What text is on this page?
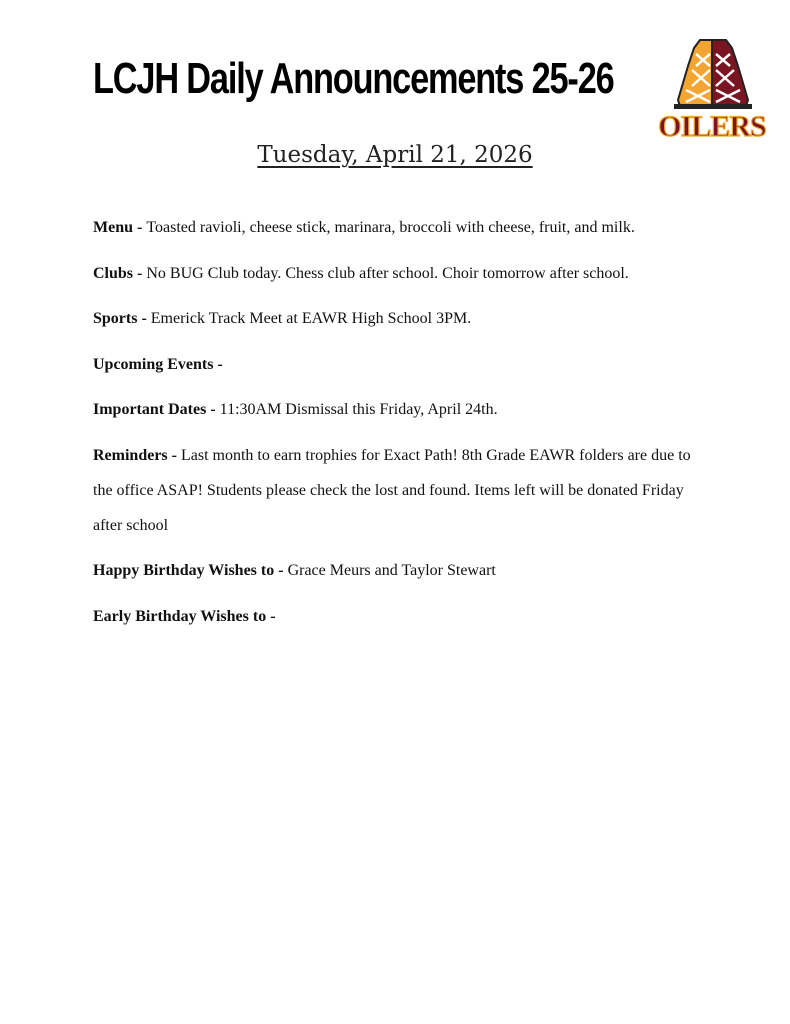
LCJH Daily Announcements 25-26
OILERS
Tuesday, April 21, 2026
Menu - Toasted ravioli, cheese stick, marinara, broccoli with cheese, fruit, and milk.
Clubs - No BUG Club today. Chess club after school. Choir tomorrow after school.
Sports - Emerick Track Meet at EAWR High School 3PM.
Upcoming Events -
Important Dates - 11:30AM Dismissal this Friday, April 24th.
Reminders - Last month to earn trophies for Exact Path! 8th Grade EAWR folders are due to the office ASAP! Students please check the lost and found. Items left will be donated Friday after school
Happy Birthday Wishes to - Grace Meurs and Taylor Stewart
Early Birthday Wishes to -
